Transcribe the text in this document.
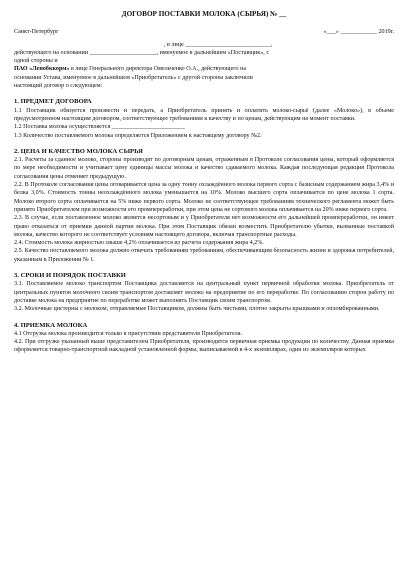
ДОГОВОР ПОСТАВКИ МОЛОКА (СЫРЬЯ) № __
Санкт-Петербург	«___» ____________ 2019г.
, в лице ____________________________,
действующего на основании ______________________, именуемое в дальнейшем «Поставщик», с
одной стороны и
ПАО «Ленобккорм» в лице Генерального директора Омельченко О.А., действующего на
основании Устава, именуемое в дальнейшем «Приобретатель» с другой стороны заключили
настоящий договор о следующем:
1. ПРЕДМЕТ ДОГОВОРА

1.1 Поставщик обязуется произвести и передать, а Приобретатель принять и оплатить молоко-сырьё (далее «Молоко»), в объеме предусмотренном настоящим договором, соответствующее требованиям к качеству и по ценам, действующим на момент поставки.

1.2 Поставка молока осуществляется ________________________

1.3 Количество поставляемого молока определяется Приложением к настоящему договору №2.

2. ЦЕНА И КАЧЕСТВО МОЛОКА СЫРЬЯ

2.1. Расчеты за сданное молоко, стороны производят по договорным ценам, отраженным в Протоколе согласования цены, который оформляется по мере необходимости и учитывает цену единицы массы молока и качество сдаваемого молока. Каждая последующая редакция Протокола согласования цены отменяет предыдущую.

2.2. В Протоколе согласования цены оговаривается цена за одну тонну охлаждённого молока первого сорта с базисным содержанием жира 3,4% и белка 3,0%. Стоимость тонны неохлаждённого молока уменьшается на 10%. Молоко высшего сорта оплачивается по цене молока 1 сорта. Молоко второго сорта оплачивается на 5% ниже первого сорта. Молоко не соответствующее требованиям технического регламента может быть принято Приобретателем при возможности его промпереработки, при этом цена не сортового молока оплачивается на 20% ниже первого сорта.

2.3. В случае, если поставленное молоко является несортовым и у Приобретателя нет возможности его дальнейшей промпереработки, он имеет право отказаться от приемки данной партии молока. При этом Поставщик обязан возместить Приобретателю убытки, вызванные поставкой молока, качество которого не соответствует условиям настоящего договора, включая транспортные расходы.

2.4. Стоимость молока жирностью свыше 4,2% оплачивается из расчета содержания жира 4,2%.

2.5. Качество поставляемого молока должно отвечать требованиям требованиям, обеспечивающим безопасность жизни и здоровья потребителей, указанным в Приложении № 1.

3. СРОКИ И ПОРЯДОК ПОСТАВКИ

3.1. Поставляемое молоко транспортом Поставщика доставляется на центральный пункт первичной обработки молока. Приобретатель от центральных пунктов молочного своим транспортом доставляет молоко на предприятие по его переработке. По согласованию сторон работу по доставке молока на предприятие по переработке может выполнять Поставщик своим транспортом.

3.2. Молочные цистерны с молоком, отправляемые Поставщиком, должны быть чистыми, плотно закрыты крышками и опломбированными.

4. ПРИЕМКА МОЛОКА

4.1 Отгрузка молока производится только в присутствии представителя Приобретателя.

4.2. При отгрузке указанный выше представителем Приобретателя, производится первичная приемка продукции по количеству. Данная приемка оформляется товарно-транспортной накладной установленной формы, выписываемой в 4-х экземплярах, один из экземпляров которых
